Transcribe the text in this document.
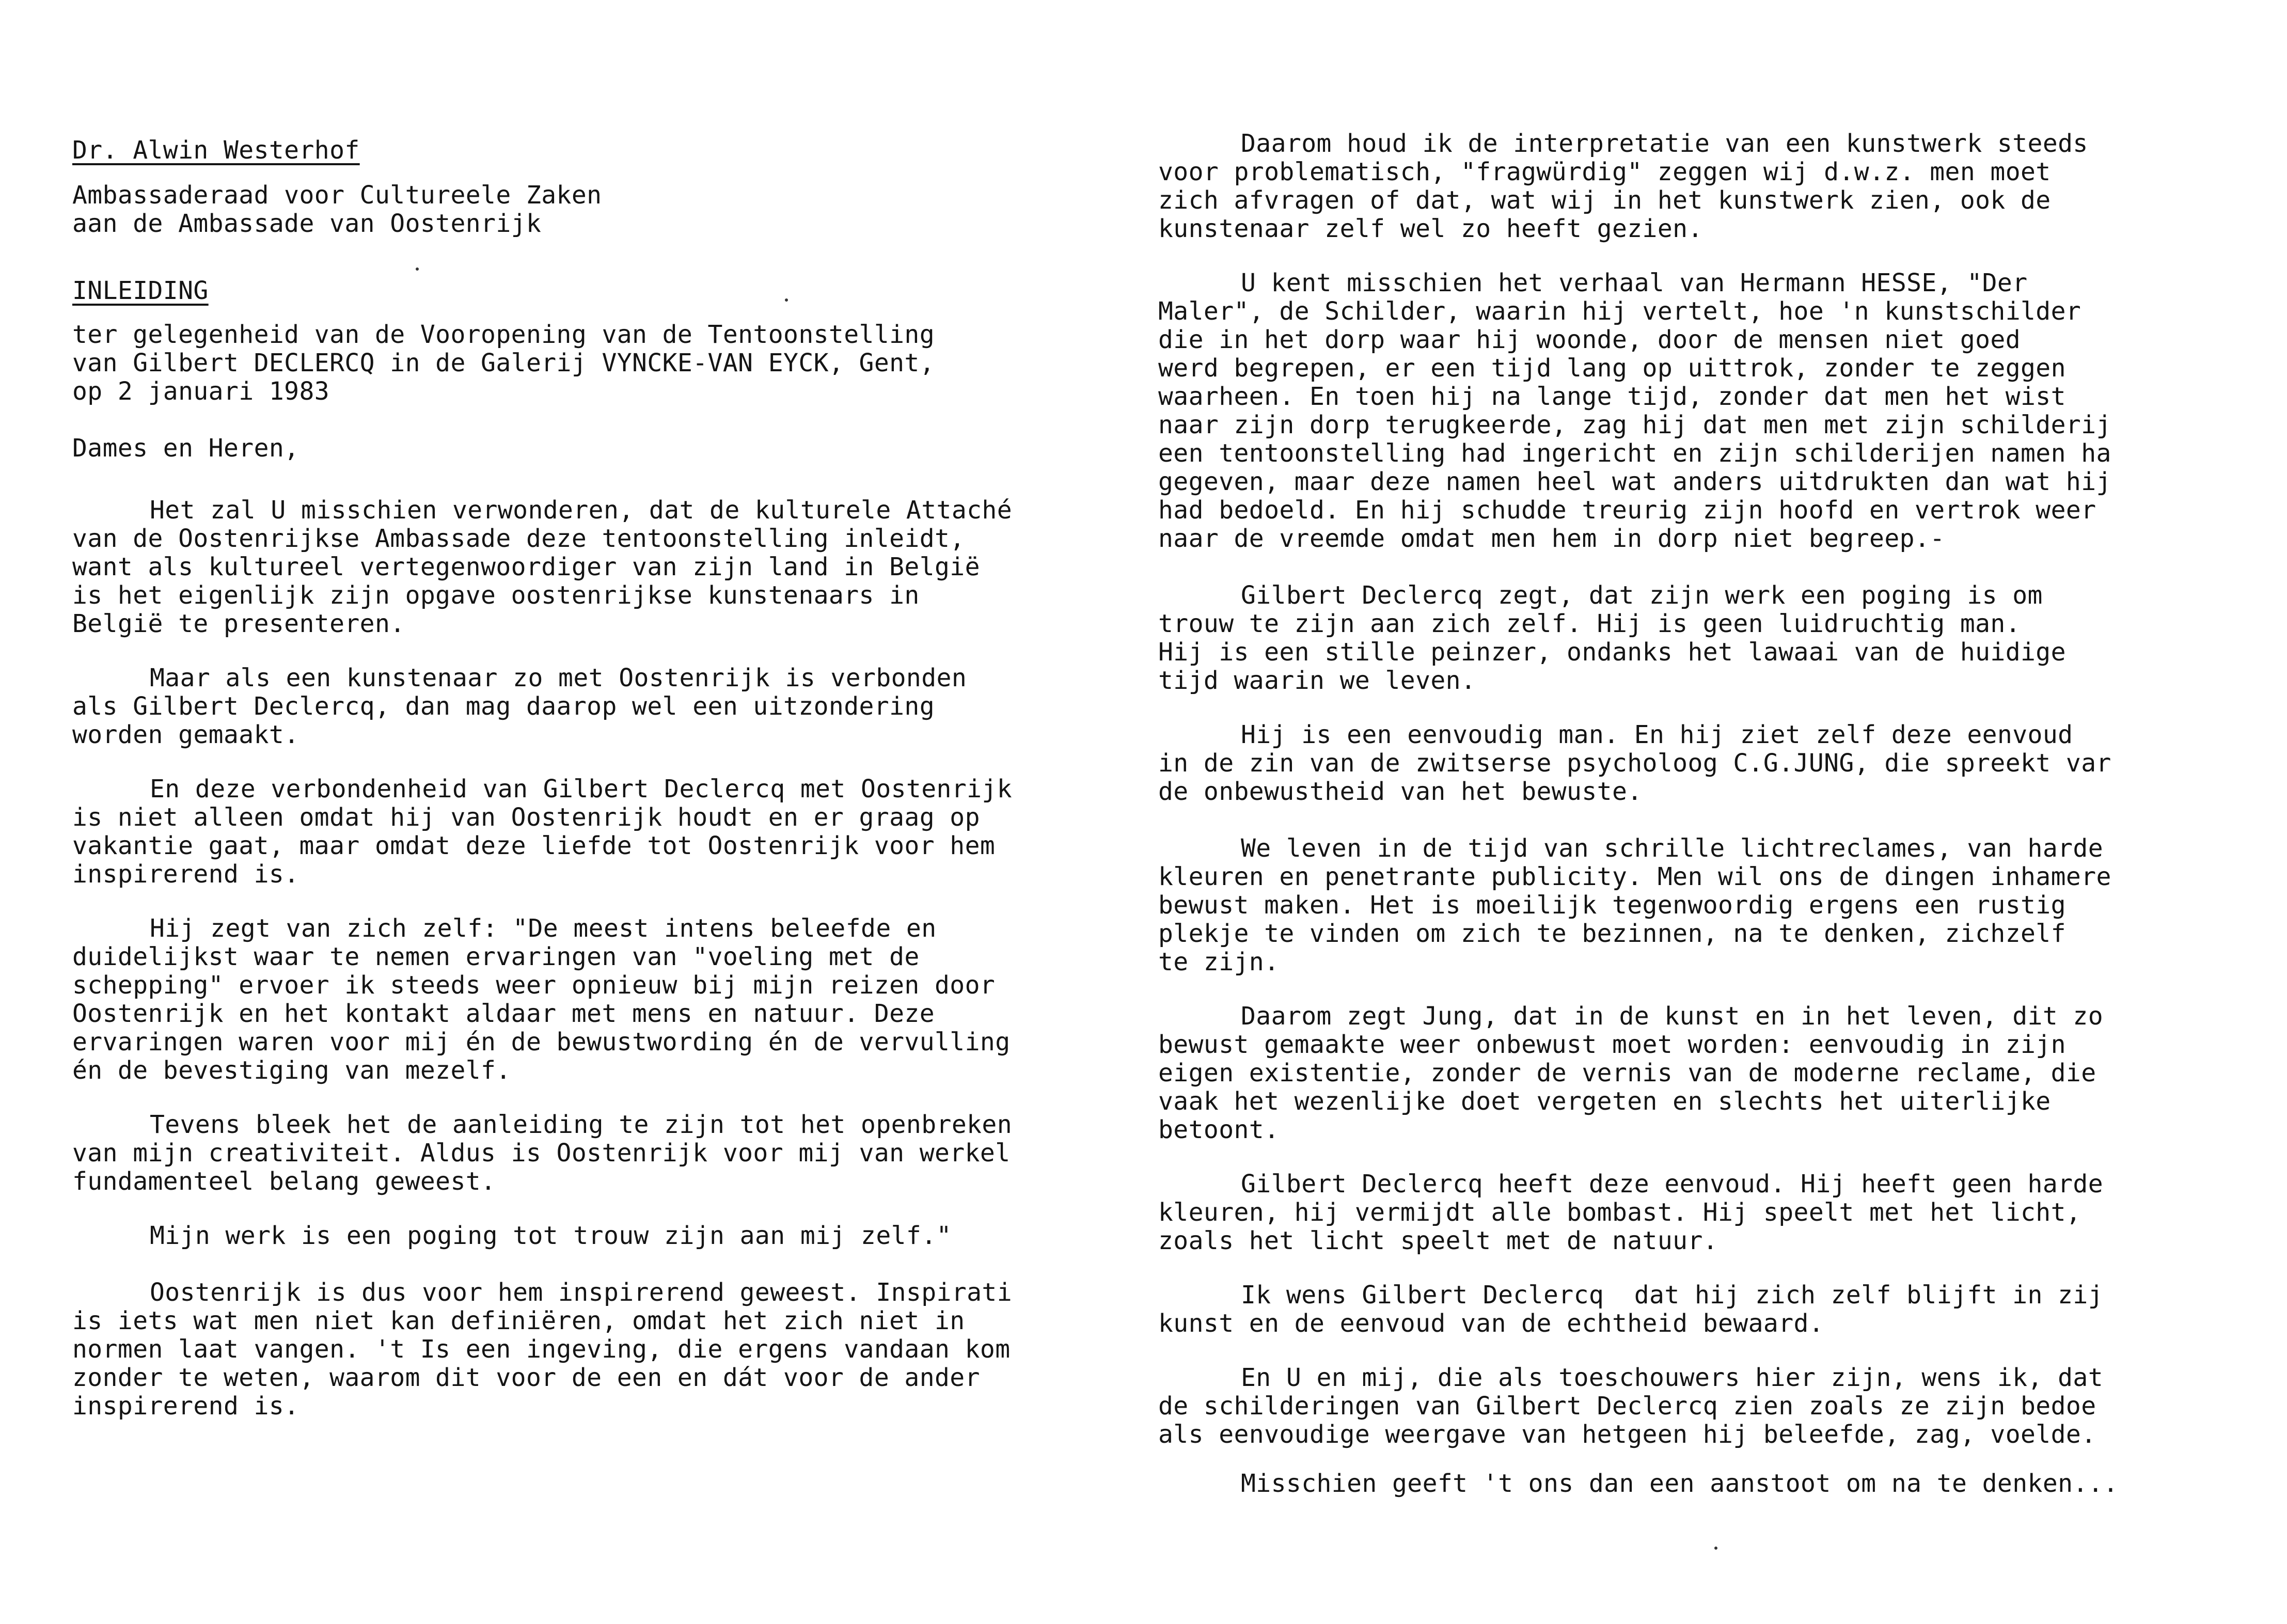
Dr. Alwin Westerhof
Ambassaderaad voor Cultureele Zaken
aan de Ambassade van Oostenrijk
INLEIDING
ter gelegenheid van de Vooropening van de Tentoonstelling
van Gilbert DECLERCQ in de Galerij VYNCKE-VAN EYCK, Gent,
op 2 januari 1983
Dames en Heren,
Het zal U misschien verwonderen, dat de kulturele Attaché
van de Oostenrijkse Ambassade deze tentoonstelling inleidt,
want als kultureel vertegenwoordiger van zijn land in België
is het eigenlijk zijn opgave oostenrijkse kunstenaars in
België te presenteren.
Maar als een kunstenaar zo met Oostenrijk is verbonden
als Gilbert Declercq, dan mag daarop wel een uitzondering
worden gemaakt.
En deze verbondenheid van Gilbert Declercq met Oostenrijk
is niet alleen omdat hij van Oostenrijk houdt en er graag op
vakantie gaat, maar omdat deze liefde tot Oostenrijk voor hem
inspirerend is.
Hij zegt van zich zelf: "De meest intens beleefde en
duidelijkst waar te nemen ervaringen van "voeling met de
schepping" ervoer ik steeds weer opnieuw bij mijn reizen door
Oostenrijk en het kontakt aldaar met mens en natuur. Deze
ervaringen waren voor mij én de bewustwording én de vervulling
én de bevestiging van mezelf.
Tevens bleek het de aanleiding te zijn tot het openbreken
van mijn creativiteit. Aldus is Oostenrijk voor mij van werkel
fundamenteel belang geweest.
Mijn werk is een poging tot trouw zijn aan mij zelf."
Oostenrijk is dus voor hem inspirerend geweest. Inspirati
is iets wat men niet kan definiëren, omdat het zich niet in
normen laat vangen. 't Is een ingeving, die ergens vandaan kom
zonder te weten, waarom dit voor de een en dát voor de ander
inspirerend is.
Daarom houd ik de interpretatie van een kunstwerk steeds
voor problematisch, "fragwürdig" zeggen wij d.w.z. men moet
zich afvragen of dat, wat wij in het kunstwerk zien, ook de
kunstenaar zelf wel zo heeft gezien.
U kent misschien het verhaal van Hermann HESSE, "Der
Maler", de Schilder, waarin hij vertelt, hoe 'n kunstschilder
die in het dorp waar hij woonde, door de mensen niet goed
werd begrepen, er een tijd lang op uittrok, zonder te zeggen
waarheen. En toen hij na lange tijd, zonder dat men het wist
naar zijn dorp terugkeerde, zag hij dat men met zijn schilderij
een tentoonstelling had ingericht en zijn schilderijen namen ha
gegeven, maar deze namen heel wat anders uitdrukten dan wat hij
had bedoeld. En hij schudde treurig zijn hoofd en vertrok weer
naar de vreemde omdat men hem in dorp niet begreep.-
Gilbert Declercq zegt, dat zijn werk een poging is om
trouw te zijn aan zich zelf. Hij is geen luidruchtig man.
Hij is een stille peinzer, ondanks het lawaai van de huidige
tijd waarin we leven.
Hij is een eenvoudig man. En hij ziet zelf deze eenvoud
in de zin van de zwitserse psycholoog C.G.JUNG, die spreekt var
de onbewustheid van het bewuste.
We leven in de tijd van schrille lichtreclames, van harde
kleuren en penetrante publicity. Men wil ons de dingen inhamere
bewust maken. Het is moeilijk tegenwoordig ergens een rustig
plekje te vinden om zich te bezinnen, na te denken, zichzelf
te zijn.
Daarom zegt Jung, dat in de kunst en in het leven, dit zo
bewust gemaakte weer onbewust moet worden: eenvoudig in zijn
eigen existentie, zonder de vernis van de moderne reclame, die
vaak het wezenlijke doet vergeten en slechts het uiterlijke
betoont.
Gilbert Declercq heeft deze eenvoud. Hij heeft geen harde
kleuren, hij vermijdt alle bombast. Hij speelt met het licht,
zoals het licht speelt met de natuur.
Ik wens Gilbert Declercq  dat hij zich zelf blijft in zij
kunst en de eenvoud van de echtheid bewaard.
En U en mij, die als toeschouwers hier zijn, wens ik, dat
de schilderingen van Gilbert Declercq zien zoals ze zijn bedoe
als eenvoudige weergave van hetgeen hij beleefde, zag, voelde.
Misschien geeft 't ons dan een aanstoot om na te denken...
